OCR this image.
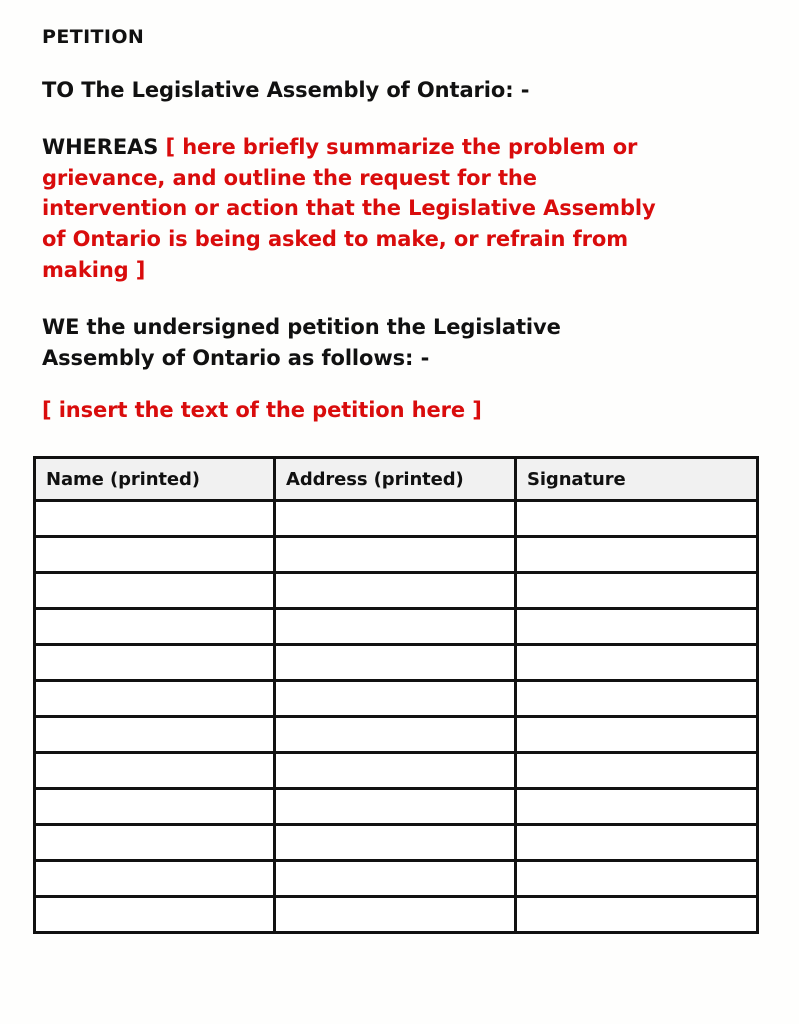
PETITION

TO The Legislative Assembly of Ontario: -

WHEREAS [ here briefly summarize the problem or
grievance, and outline the request for the
intervention or action that the Legislative Assembly
of Ontario is being asked to make, or refrain from
making ]

WE the undersigned petition the Legislative
Assembly of Ontario as follows: -

[ insert the text of the petition here ]

Name (printed)	Address (printed)	Signature
